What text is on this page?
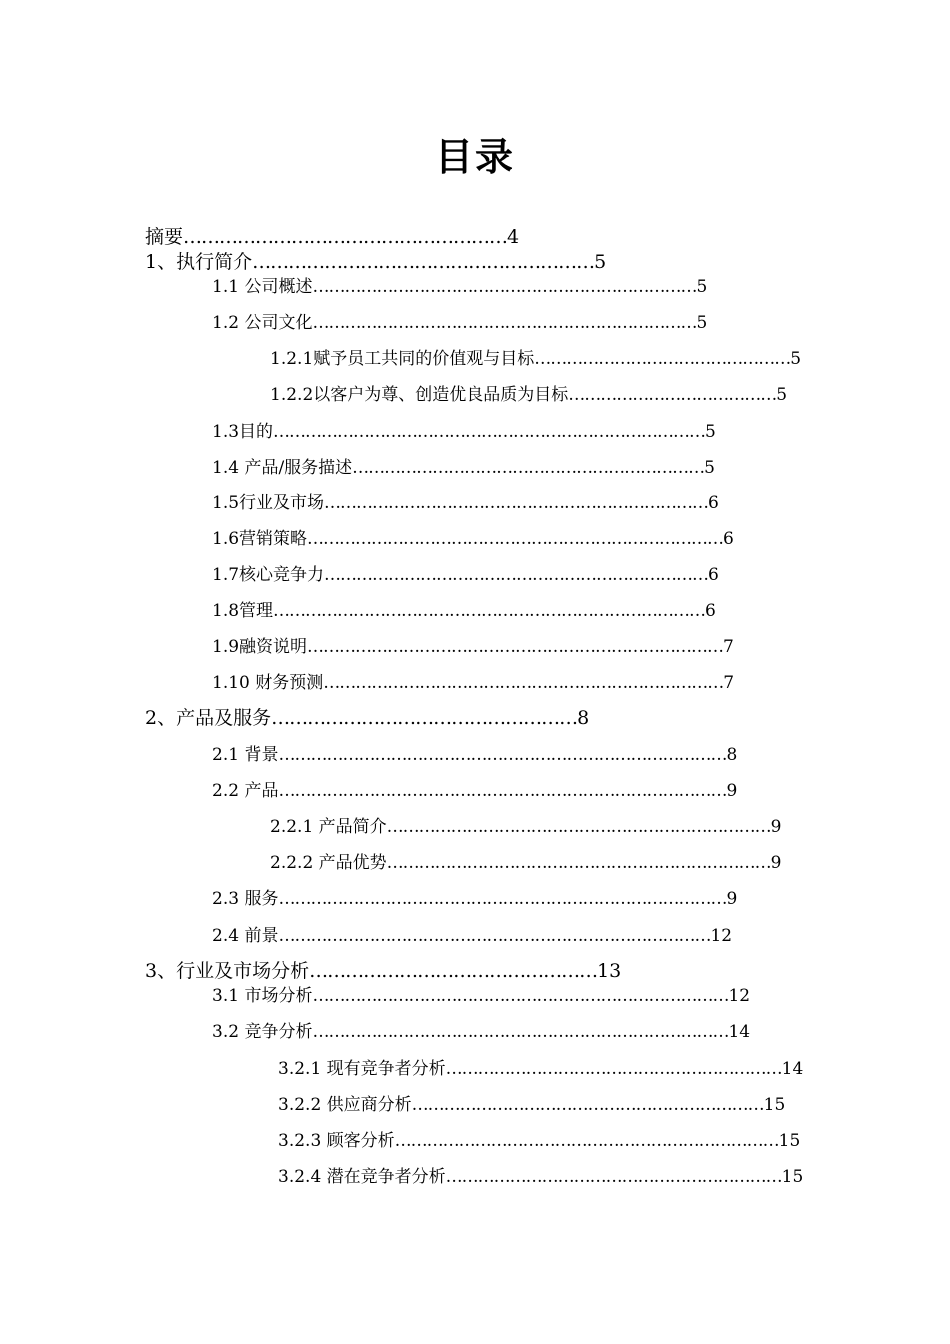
目录
摘要………………………………………………4
1、执行简介…………………………………………………5
1.1 公司概述………………………………………………………………5
1.2 公司文化………………………………………………………………5
1.2.1赋予员工共同的价值观与目标…………………………………………5
1.2.2以客户为尊、创造优良品质为目标…………………………………5
1.3目的………………………………………………………………………5
1.4 产品/服务描述…………………………………………………………5
1.5行业及市场………………………………………………………………6
1.6营销策略……………………………………………………………………6
1.7核心竞争力………………………………………………………………6
1.8管理………………………………………………………………………6
1.9融资说明……………………………………………………………………7
1.10 财务预测…………………………………………………………………7
2、产品及服务……………………………………………8
2.1 背景…………………………………………………………………………8
2.2 产品…………………………………………………………………………9
2.2.1 产品简介………………………………………………………………9
2.2.2 产品优势………………………………………………………………9
2.3 服务…………………………………………………………………………9
2.4 前景………………………………………………………………………12
3、行业及市场分析…………………………………………13
3.1 市场分析……………………………………………………………………12
3.2 竞争分析……………………………………………………………………14
3.2.1 现有竞争者分析………………………………………………………14
3.2.2 供应商分析…………………………………………………………15
3.2.3 顾客分析………………………………………………………………15
3.2.4 潜在竞争者分析………………………………………………………15
